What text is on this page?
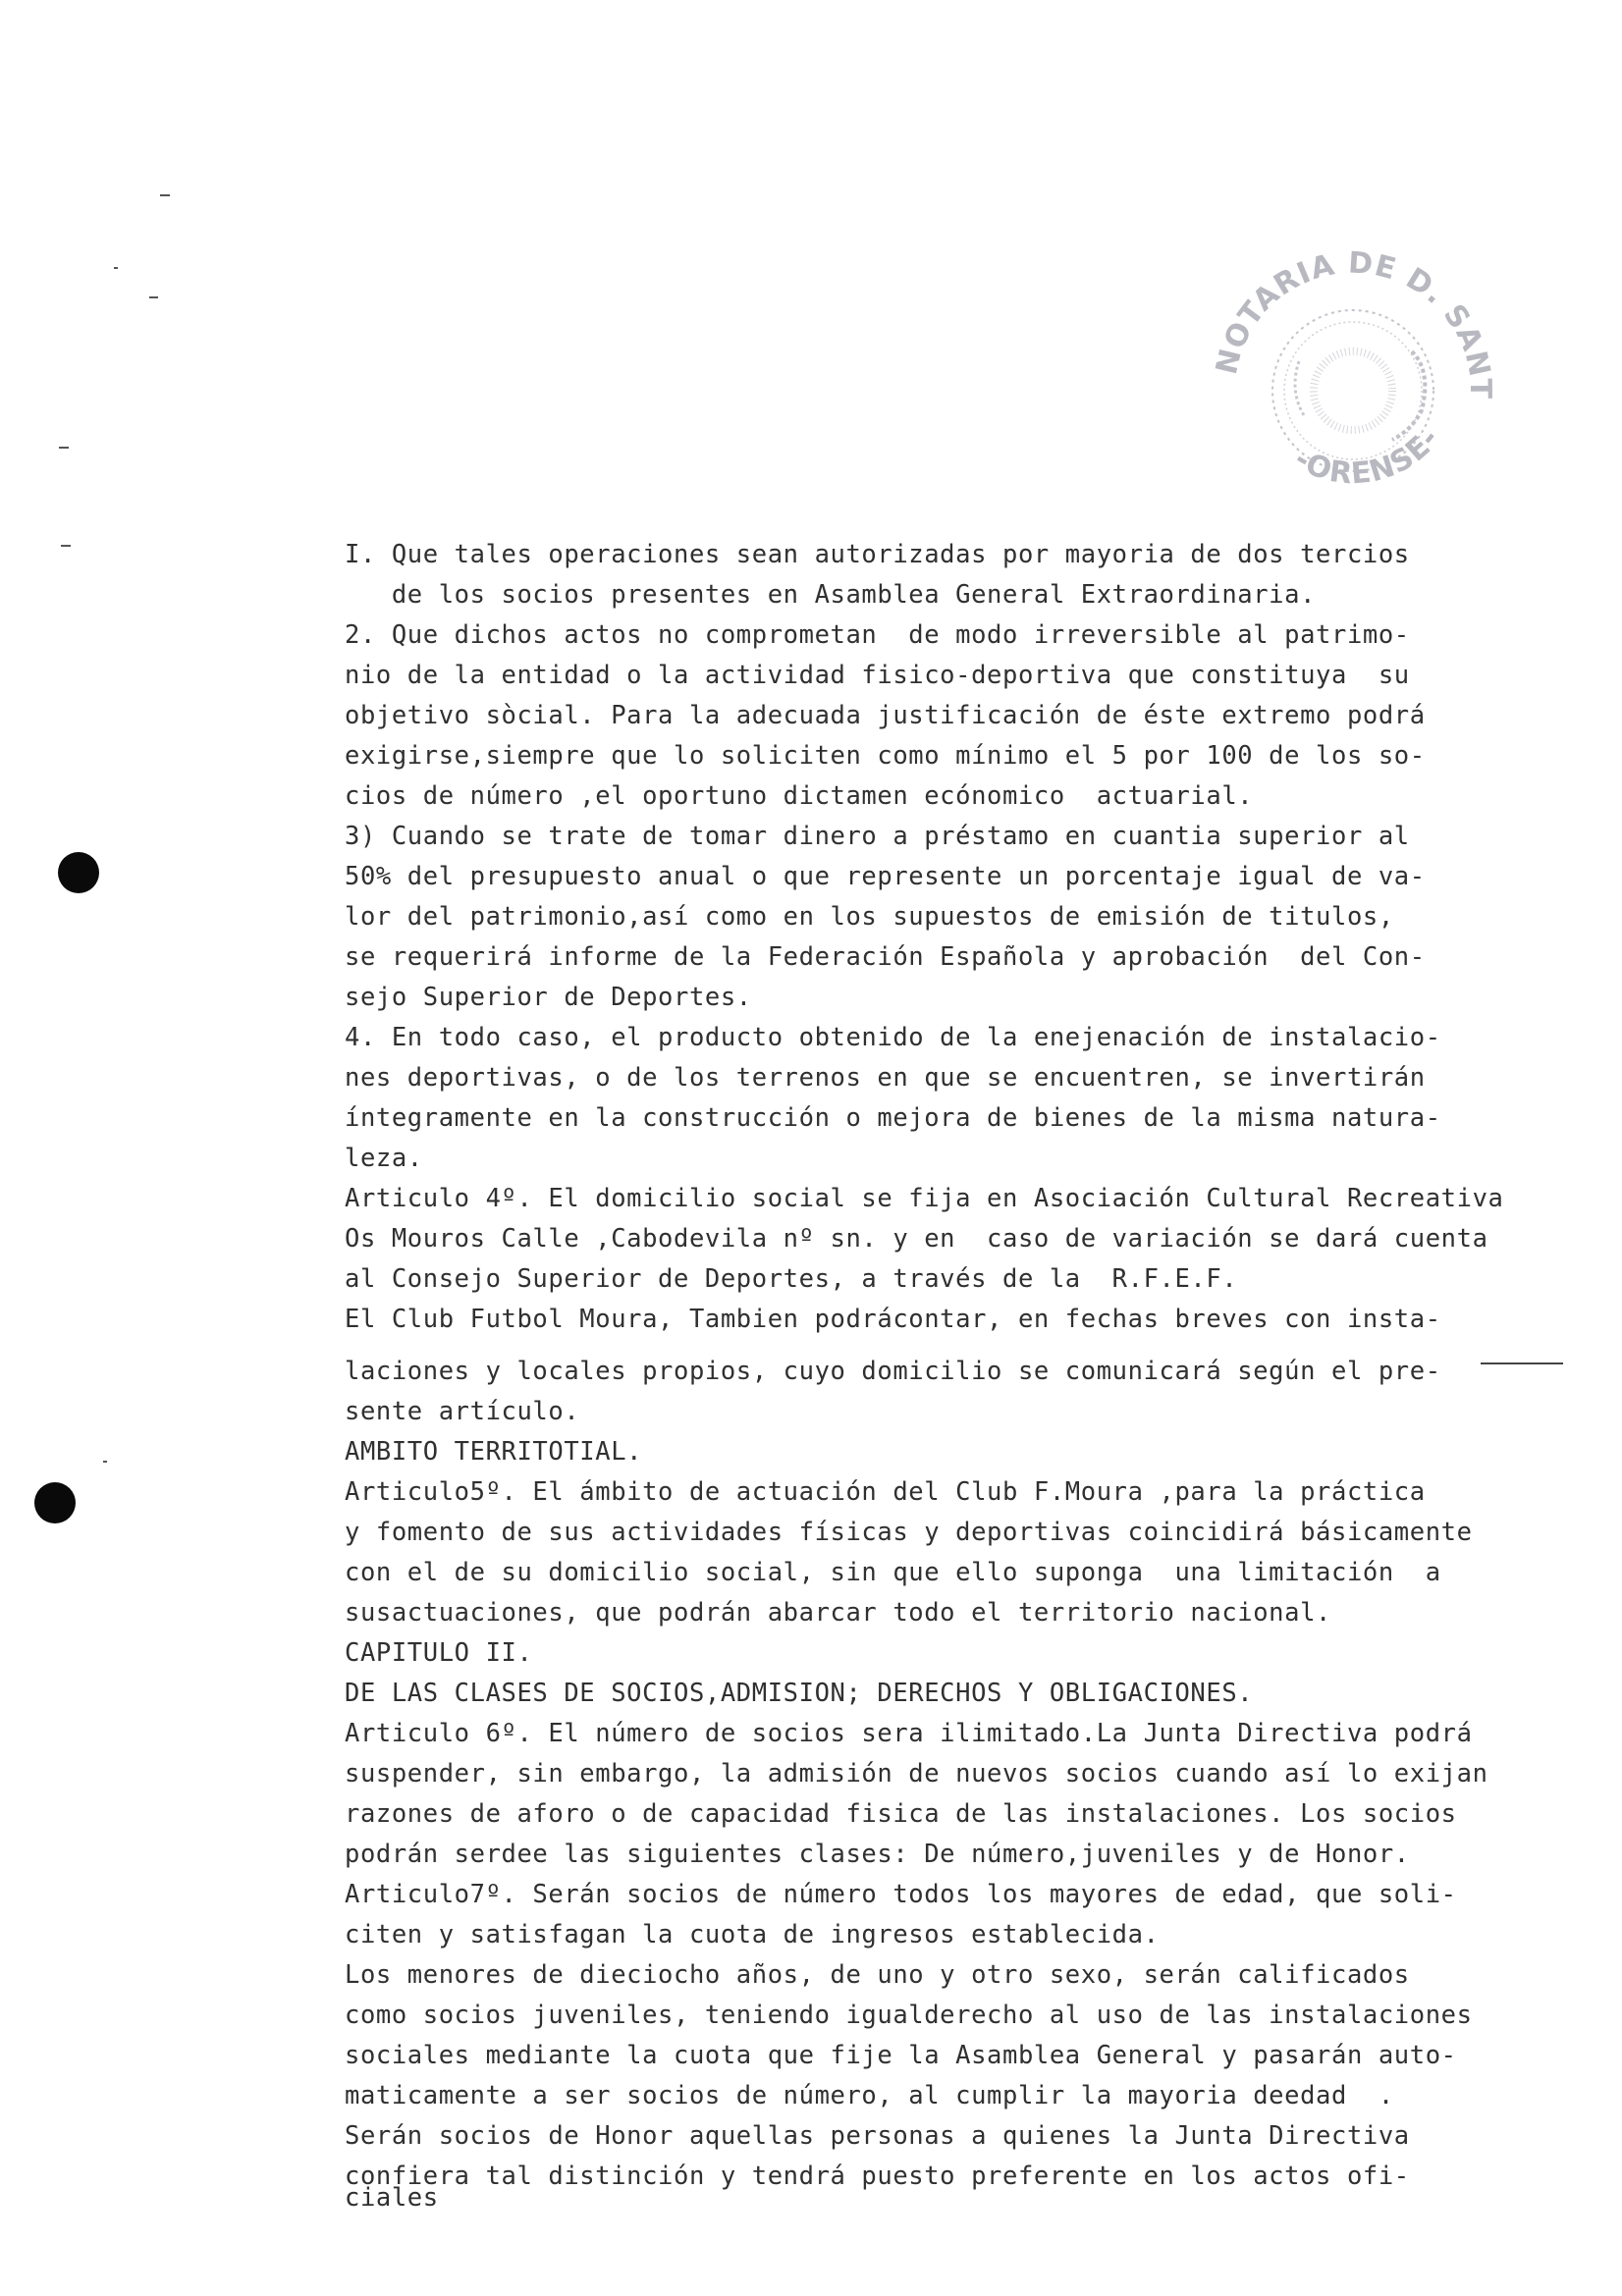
NOTARIA DE D. SANT
-ORENSE-
I. Que tales operaciones sean autorizadas por mayoria de dos tercios
de los socios presentes en Asamblea General Extraordinaria.
2. Que dichos actos no comprometan  de modo irreversible al patrimo-
nio de la entidad o la actividad fisico-deportiva que constituya  su
objetivo sòcial. Para la adecuada justificación de éste extremo podrá
exigirse,siempre que lo soliciten como mínimo el 5 por 100 de los so-
cios de número ,el oportuno dictamen ecónomico  actuarial.
3) Cuando se trate de tomar dinero a préstamo en cuantia superior al
50% del presupuesto anual o que represente un porcentaje igual de va-
lor del patrimonio,así como en los supuestos de emisión de titulos,
se requerirá informe de la Federación Española y aprobación  del Con-
sejo Superior de Deportes.
4. En todo caso, el producto obtenido de la enejenación de instalacio-
nes deportivas, o de los terrenos en que se encuentren, se invertirán
íntegramente en la construcción o mejora de bienes de la misma natura-
leza.
Articulo 4º. El domicilio social se fija en Asociación Cultural Recreativa
Os Mouros Calle ,Cabodevila nº sn. y en  caso de variación se dará cuenta
al Consejo Superior de Deportes, a través de la  R.F.E.F.
El Club Futbol Moura, Tambien podrácontar, en fechas breves con insta-
laciones y locales propios, cuyo domicilio se comunicará según el pre-
sente artículo.
AMBITO TERRITOTIAL.
Articulo5º. El ámbito de actuación del Club F.Moura ,para la práctica
y fomento de sus actividades físicas y deportivas coincidirá básicamente
con el de su domicilio social, sin que ello suponga  una limitación  a
susactuaciones, que podrán abarcar todo el territorio nacional.
CAPITULO II.
DE LAS CLASES DE SOCIOS,ADMISION; DERECHOS Y OBLIGACIONES.
Articulo 6º. El número de socios sera ilimitado.La Junta Directiva podrá
suspender, sin embargo, la admisión de nuevos socios cuando así lo exijan
razones de aforo o de capacidad fisica de las instalaciones. Los socios
podrán serdee las siguientes clases: De número,juveniles y de Honor.
Articulo7º. Serán socios de número todos los mayores de edad, que soli-
citen y satisfagan la cuota de ingresos establecida.
Los menores de dieciocho años, de uno y otro sexo, serán calificados
como socios juveniles, teniendo igualderecho al uso de las instalaciones
sociales mediante la cuota que fije la Asamblea General y pasarán auto-
maticamente a ser socios de número, al cumplir la mayoria deedad  .
Serán socios de Honor aquellas personas a quienes la Junta Directiva
confiera tal distinción y tendrá puesto preferente en los actos ofi-
ciales
